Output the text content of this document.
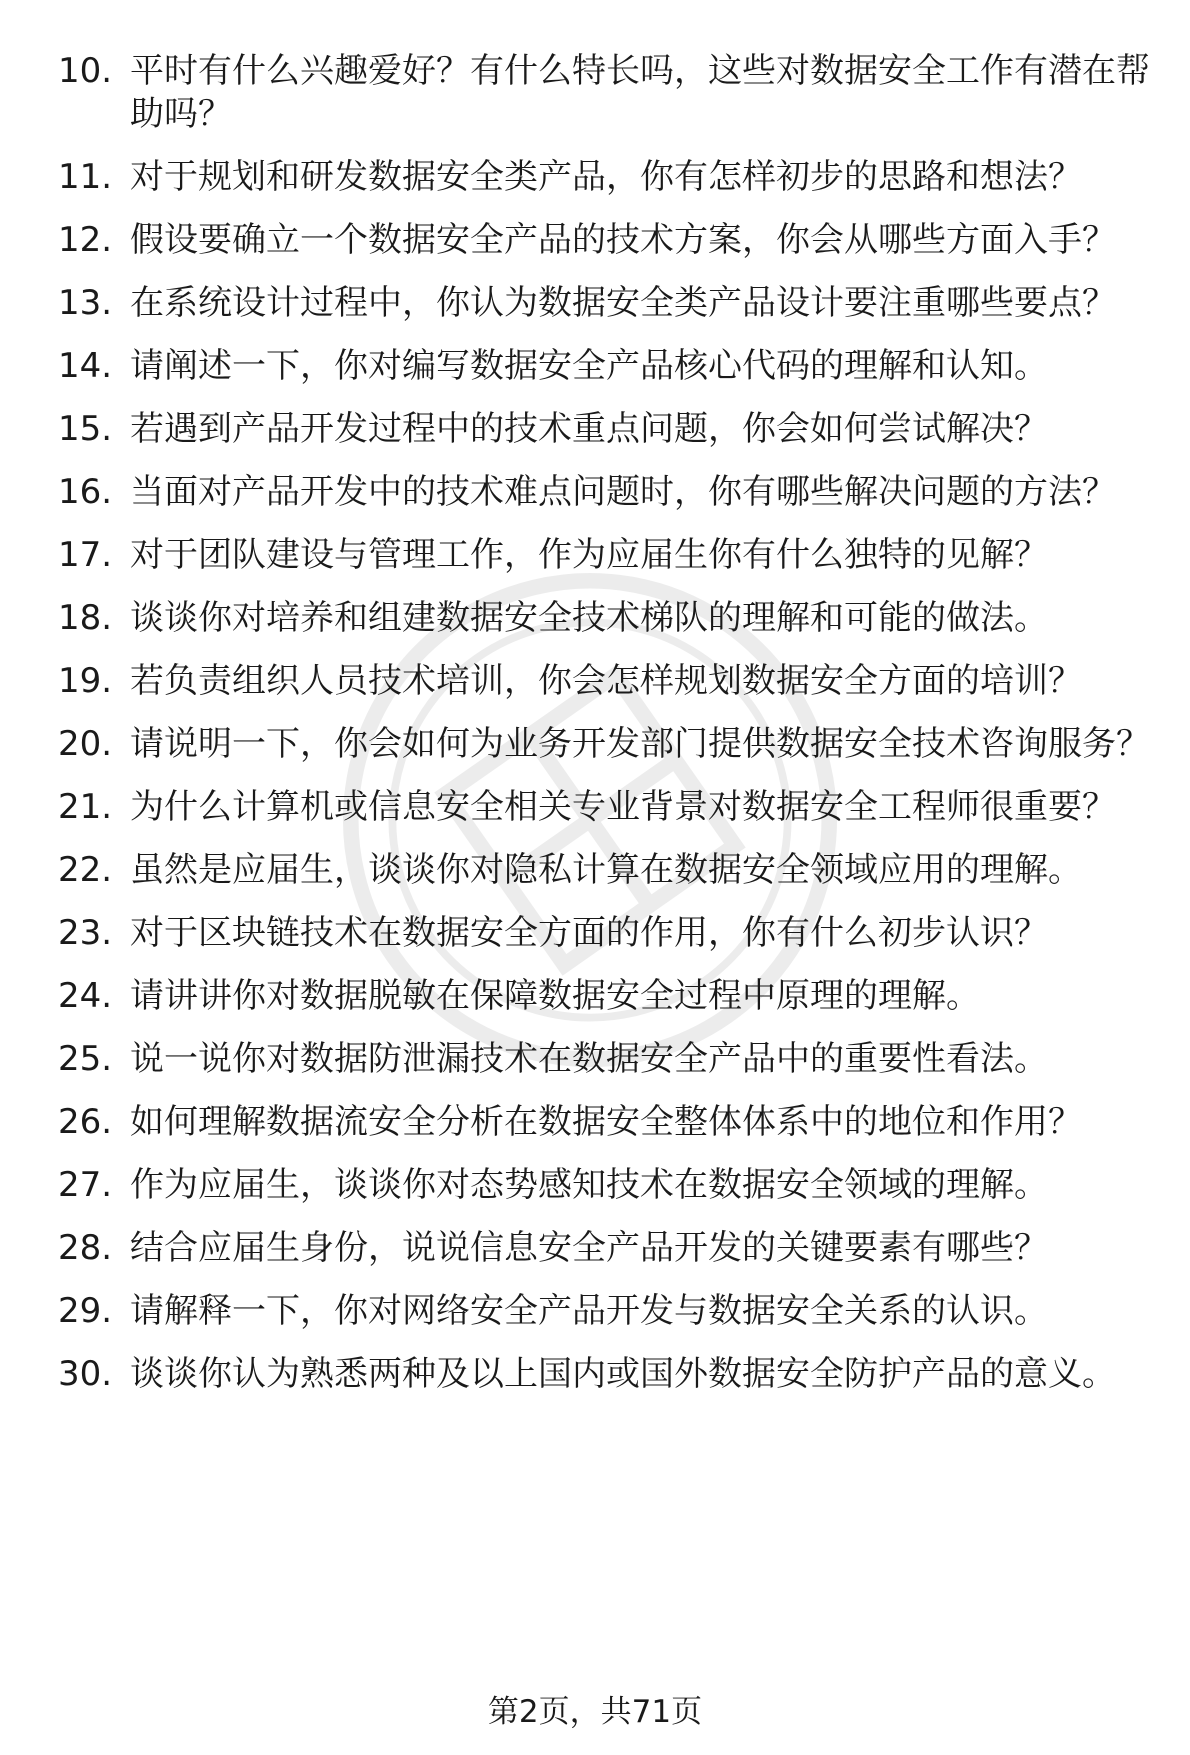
10. 平时有什么兴趣爱好？有什么特长吗，这些对数据安全工作有潜在帮助吗？
11. 对于规划和研发数据安全类产品，你有怎样初步的思路和想法？
12. 假设要确立一个数据安全产品的技术方案，你会从哪些方面入手？
13. 在系统设计过程中，你认为数据安全类产品设计要注重哪些要点？
14. 请阐述一下，你对编写数据安全产品核心代码的理解和认知。
15. 若遇到产品开发过程中的技术重点问题，你会如何尝试解决？
16. 当面对产品开发中的技术难点问题时，你有哪些解决问题的方法？
17. 对于团队建设与管理工作，作为应届生你有什么独特的见解？
18. 谈谈你对培养和组建数据安全技术梯队的理解和可能的做法。
19. 若负责组织人员技术培训，你会怎样规划数据安全方面的培训？
20. 请说明一下，你会如何为业务开发部门提供数据安全技术咨询服务？
21. 为什么计算机或信息安全相关专业背景对数据安全工程师很重要？
22. 虽然是应届生，谈谈你对隐私计算在数据安全领域应用的理解。
23. 对于区块链技术在数据安全方面的作用，你有什么初步认识？
24. 请讲讲你对数据脱敏在保障数据安全过程中原理的理解。
25. 说一说你对数据防泄漏技术在数据安全产品中的重要性看法。
26. 如何理解数据流安全分析在数据安全整体体系中的地位和作用？
27. 作为应届生，谈谈你对态势感知技术在数据安全领域的理解。
28. 结合应届生身份，说说信息安全产品开发的关键要素有哪些？
29. 请解释一下，你对网络安全产品开发与数据安全关系的认识。
30. 谈谈你认为熟悉两种及以上国内或国外数据安全防护产品的意义。
第2页，共71页
